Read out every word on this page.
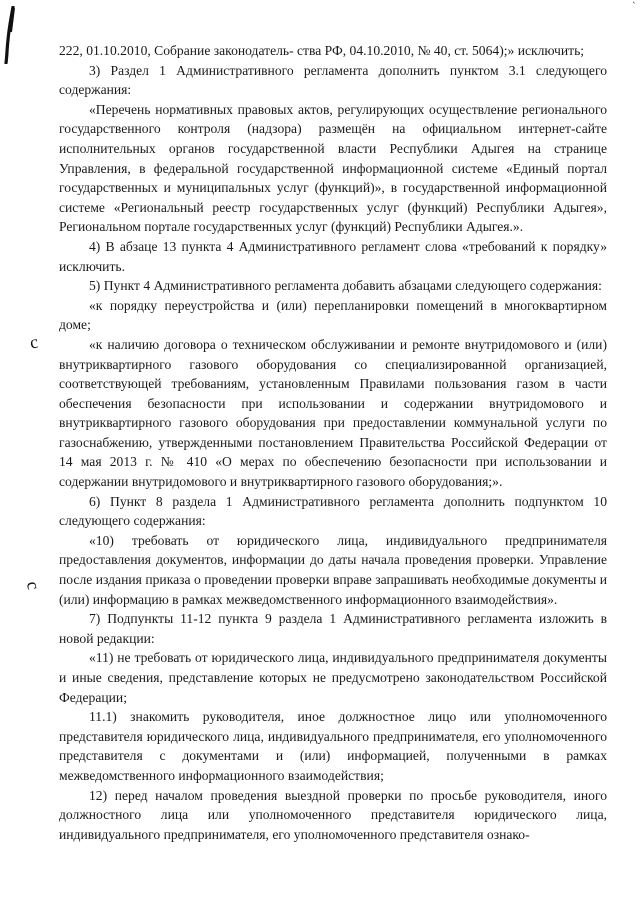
c
c
ˋ

222, 01.10.2010, Собрание законодатель- ства РФ, 04.10.2010, № 40, ст. 5064);» исключить;

3) Раздел 1 Административного регламента дополнить пунктом 3.1 следующего содержания:

«Перечень нормативных правовых актов, регулирующих осуществление регионального государственного контроля (надзора) размещён на официальном интернет-сайте исполнительных органов государственной власти Республики Адыгея на странице Управления, в федеральной государственной информационной системе «Единый портал государственных и муниципальных услуг (функций)», в государственной информационной системе «Региональный реестр государственных услуг (функций) Республики Адыгея», Региональном портале государственных услуг (функций) Республики Адыгея.».

4) В абзаце 13 пункта 4 Административного регламент слова «требований к порядку» исключить.

5) Пункт 4 Административного регламента добавить абзацами следующего содержания:

«к порядку переустройства и (или) перепланировки помещений в многоквартирном доме;

«к наличию договора о техническом обслуживании и ремонте внутридомового и (или) внутриквартирного газового оборудования со специализированной организацией, соответствующей требованиям, установленным Правилами пользования газом в части обеспечения безопасности при использовании и содержании внутридомового и внутриквартирного газового оборудования при предоставлении коммунальной услуги по газоснабжению, утвержденными постановлением Правительства Российской Федерации от 14 мая 2013 г. № 410 «О мерах по обеспечению безопасности при использовании и содержании внутридомового и внутриквартирного газового оборудования;».

6) Пункт 8 раздела 1 Административного регламента дополнить подпунктом 10 следующего содержания:

«10) требовать от юридического лица, индивидуального предпринимателя предоставления документов, информации до даты начала проведения проверки. Управление после издания приказа о проведении проверки вправе запрашивать необходимые документы и (или) информацию в рамках межведомственного информационного взаимодействия».

7) Подпункты 11-12 пункта 9 раздела 1 Административного регламента изложить в новой редакции:

«11) не требовать от юридического лица, индивидуального предпринимателя документы и иные сведения, представление которых не предусмотрено законодательством Российской Федерации;

11.1) знакомить руководителя, иное должностное лицо или уполномоченного представителя юридического лица, индивидуального предпринимателя, его уполномоченного представителя с документами и (или) информацией, полученными в рамках межведомственного информационного взаимодействия;

12) перед началом проведения выездной проверки по просьбе руководителя, иного должностного лица или уполномоченного представителя юридического лица, индивидуального предпринимателя, его уполномоченного представителя ознако-
